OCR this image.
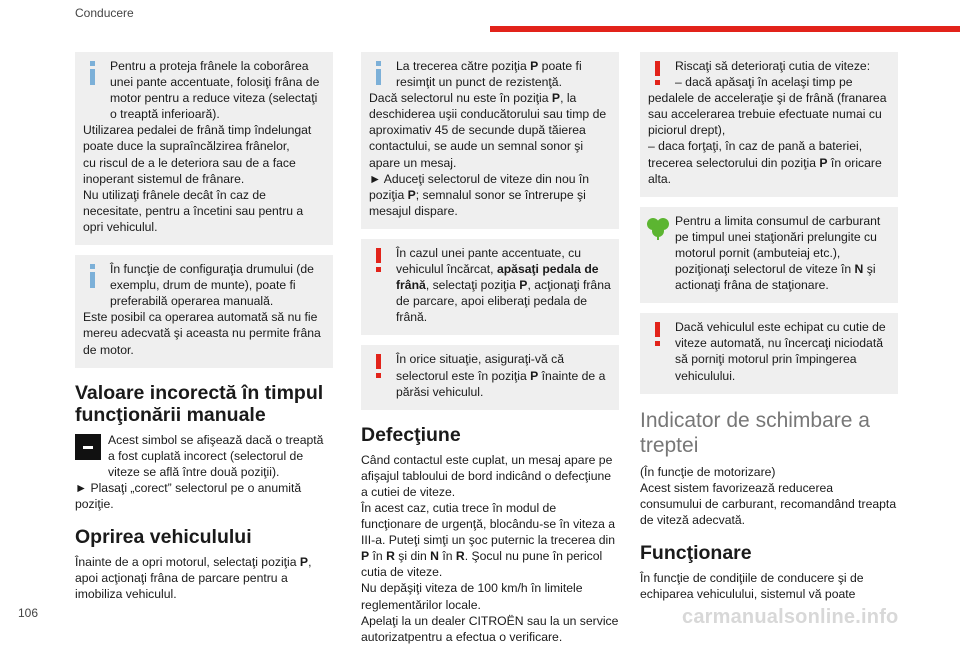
Conducere

Pentru a proteja frânele la coborârea unei pante accentuate, folosiţi frâna de motor pentru a reduce viteza (selectaţi o treaptă inferioară).

Utilizarea pedalei de frână timp îndelungat poate duce la supraîncălzirea frânelor,

cu riscul de a le deteriora sau de a face inoperant sistemul de frânare.

Nu utilizaţi frânele decât în caz de necesitate, pentru a încetini sau pentru a opri vehiculul.

În funcţie de configuraţia drumului (de exemplu, drum de munte), poate fi preferabilă operarea manuală.

Este posibil ca operarea automată să nu fie mereu adecvată şi aceasta nu permite frâna de motor.

Valoare incorectă în timpul funcţionării manuale

Acest simbol se afişează dacă o treaptă a fost cuplată incorect (selectorul de viteze se află între două poziţii).

► Plasaţi „corect” selectorul pe o anumită poziţie.

Oprirea vehiculului

Înainte de a opri motorul, selectaţi poziţia P, apoi acţionaţi frâna de parcare pentru a imobiliza vehiculul.

La trecerea către poziţia P poate fi resimţit un punct de rezistenţă.

Dacă selectorul nu este în poziţia P, la deschiderea uşii conducătorului sau timp de aproximativ 45 de secunde după tăierea contactului, se aude un semnal sonor şi apare un mesaj.

► Aduceţi selectorul de viteze din nou în poziţia P; semnalul sonor se întrerupe şi mesajul dispare.

În cazul unei pante accentuate, cu vehiculul încărcat, apăsaţi pedala de frână, selectaţi poziţia P, acţionaţi frâna de parcare, apoi eliberaţi pedala de frână.

În orice situaţie, asiguraţi-vă că selectorul este în poziţia P înainte de a părăsi vehiculul.

Defecţiune

Când contactul este cuplat, un mesaj apare pe afişajul tabloului de bord indicând o defecţiune a cutiei de viteze.

În acest caz, cutia trece în modul de funcţionare de urgenţă, blocându-se în viteza a III-a. Puteţi simţi un şoc puternic la trecerea din P în R şi din N în R. Şocul nu pune în pericol cutia de viteze.

Nu depăşiţi viteza de 100 km/h în limitele reglementărilor locale.

Apelaţi la un dealer CITROËN sau la un service autorizatpentru a efectua o verificare.

Riscaţi să deterioraţi cutia de viteze:

– dacă apăsaţi în acelaşi timp pe pedalele de acceleraţie şi de frână (franarea sau accelerarea trebuie efectuate numai cu piciorul drept),

– daca forţaţi, în caz de pană a bateriei, trecerea selectorului din poziţia P în oricare alta.

Pentru a limita consumul de carburant pe timpul unei staţionări prelungite cu motorul pornit (ambuteiaj etc.), poziţionaţi selectorul de viteze în N şi actionaţi frâna de staţionare.

Dacă vehiculul este echipat cu cutie de viteze automată, nu încercaţi niciodată să porniţi motorul prin împingerea vehiculului.

Indicator de schimbare a treptei

(În funcţie de motorizare)

Acest sistem favorizează reducerea consumului de carburant, recomandând treapta de viteză adecvată.

Funcţionare

În funcţie de condiţiile de conducere şi de echiparea vehiculului, sistemul vă poate

106	carmanualsonline.info
